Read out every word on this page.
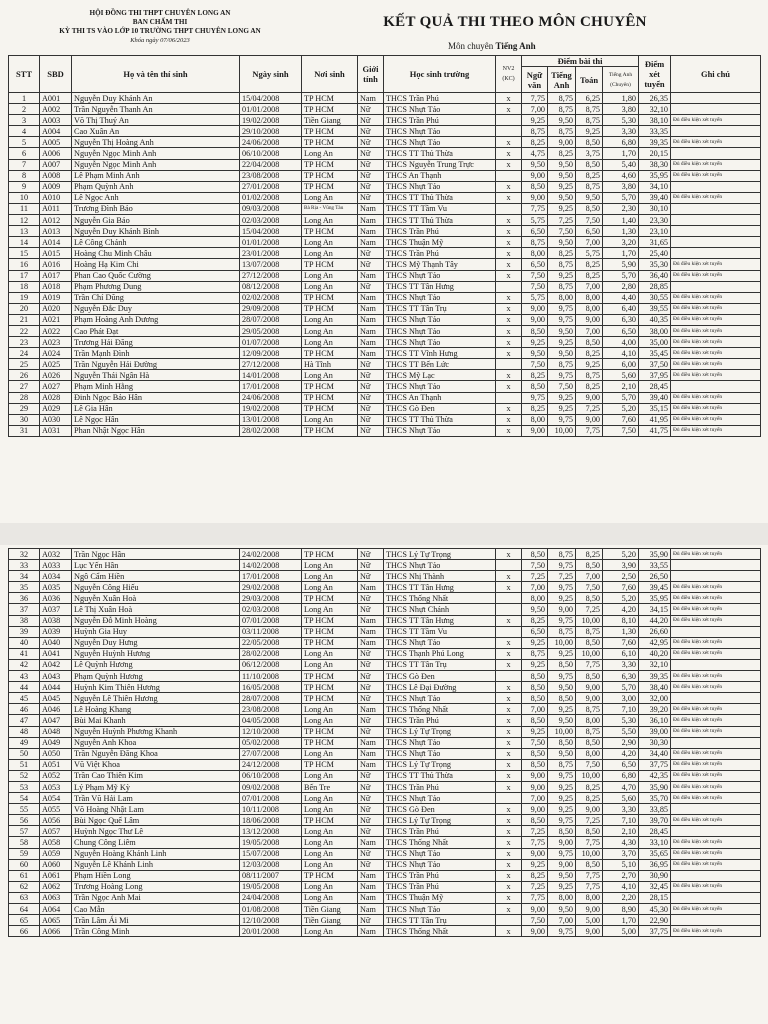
HỘI ĐỒNG THI THPT CHUYÊN LONG AN
BAN CHẤM THI
KỲ THI TS VÀO LỚP 10 TRƯỜNG THPT CHUYÊN LONG AN
Khóa ngày 07/06/2023
KẾT QUẢ THI THEO MÔN CHUYÊN
Môn chuyên Tiếng Anh
STT	SBD	Họ và tên thí sinh	Ngày sinh	Nơi sinh	Giới tính	Học sinh trường	NV2 (KC)	Điểm bài thi				Điểm xét tuyển	Ghi chú
								Ngữ văn	Tiếng Anh	Toán	Tiếng Anh (Chuyên)		
1	A001	Nguyễn Duy Khánh An	15/04/2008	TP HCM	Nam	THCS Trần Phú	x	7,75	8,75	6,25	1,80	26,35	
2	A002	Trần Nguyễn Thanh An	01/01/2008	TP HCM	Nữ	THCS Nhựt Tảo	x	7,00	8,75	8,75	3,80	32,10	
3	A003	Võ Thị Thuý An	19/02/2008	Tiền Giang	Nữ	THCS Trần Phú		9,25	9,50	8,75	5,30	38,10	Đủ điều kiện xét tuyển
4	A004	Cao Xuân An	29/10/2008	TP HCM	Nữ	THCS Nhựt Tảo		8,75	8,75	9,25	3,30	33,35	
5	A005	Nguyễn Thị Hoàng Anh	24/06/2008	TP HCM	Nữ	THCS Nhựt Tảo	x	8,25	9,00	8,50	6,80	39,35	Đủ điều kiện xét tuyển
6	A006	Nguyễn Ngọc Minh Anh	06/10/2008	Long An	Nữ	THCS TT Thủ Thừa	x	4,75	8,25	3,75	1,70	20,15	
7	A007	Nguyễn Ngọc Minh Anh	22/04/2008	TP HCM	Nữ	THCS Nguyễn Trung Trực	x	9,50	9,50	8,50	5,40	38,30	Đủ điều kiện xét tuyển
8	A008	Lê Phạm Minh Anh	23/08/2008	TP HCM	Nữ	THCS An Thạnh		9,00	9,50	8,25	4,60	35,95	Đủ điều kiện xét tuyển
9	A009	Phạm Quỳnh Anh	27/01/2008	TP HCM	Nữ	THCS Nhựt Tảo	x	8,50	9,25	8,75	3,80	34,10	
10	A010	Lê Ngọc Anh	01/02/2008	Long An	Nữ	THCS TT Thủ Thừa	x	9,00	9,50	9,50	5,70	39,40	Đủ điều kiện xét tuyển
11	A011	Trương Đình Bảo	09/03/2008	Bà Rịa - Vũng Tàu	Nam	THCS TT Tầm Vu		7,75	9,25	8,50	2,30	30,10	
12	A012	Nguyễn Gia Bảo	02/03/2008	Long An	Nam	THCS TT Thủ Thừa	x	5,75	7,25	7,50	1,40	23,30	
13	A013	Nguyễn Duy Khánh Bình	15/04/2008	TP HCM	Nam	THCS Trần Phú	x	6,50	7,50	6,50	1,30	23,10	
14	A014	Lê Công Chánh	01/01/2008	Long An	Nam	THCS Thuận Mỹ	x	8,75	9,50	7,00	3,20	31,65	
15	A015	Hoàng Chu Minh Châu	23/01/2008	Long An	Nữ	THCS Trần Phú	x	8,00	8,25	5,75	1,70	25,40	
16	A016	Hoàng Hạ Kim Chi	13/07/2008	TP HCM	Nữ	THCS Mỹ Thạnh Tây	x	6,50	8,75	8,25	5,90	35,30	Đủ điều kiện xét tuyển
17	A017	Phan Cao Quốc Cường	27/12/2008	Long An	Nam	THCS Nhựt Tảo	x	7,50	9,25	8,25	5,70	36,40	Đủ điều kiện xét tuyển
18	A018	Phạm Phương Dung	08/12/2008	Long An	Nữ	THCS TT Tân Hưng		7,50	8,75	7,00	2,80	28,85	
19	A019	Trần Chí Dũng	02/02/2008	TP HCM	Nam	THCS Nhựt Tảo	x	5,75	8,00	8,00	4,40	30,55	Đủ điều kiện xét tuyển
20	A020	Nguyễn Đắc Duy	29/09/2008	TP HCM	Nam	THCS TT Tân Trụ	x	9,00	9,75	8,00	6,40	39,55	Đủ điều kiện xét tuyển
21	A021	Phạm Hoàng Anh Dương	28/07/2008	Long An	Nam	THCS Nhựt Tảo	x	9,00	9,75	9,00	6,30	40,35	Đủ điều kiện xét tuyển
22	A022	Cao Phát Đạt	29/05/2008	Long An	Nam	THCS Nhựt Tảo	x	8,50	9,50	7,00	6,50	38,00	Đủ điều kiện xét tuyển
23	A023	Trương Hải Đăng	01/07/2008	Long An	Nam	THCS Nhựt Tảo	x	9,25	9,25	8,50	4,00	35,00	Đủ điều kiện xét tuyển
24	A024	Trần Mạnh Đình	12/09/2008	TP HCM	Nam	THCS TT Vĩnh Hưng	x	9,50	9,50	8,25	4,10	35,45	Đủ điều kiện xét tuyển
25	A025	Trần Nguyễn Hải Đường	27/12/2008	Hà Tĩnh	Nữ	THCS TT Bến Lức		7,50	8,75	9,25	6,00	37,50	Đủ điều kiện xét tuyển
26	A026	Nguyễn Thái Ngân Hà	14/01/2008	Long An	Nữ	THCS Mỹ Lạc	x	8,25	9,75	8,75	5,60	37,95	Đủ điều kiện xét tuyển
27	A027	Phạm Minh Hằng	17/01/2008	TP HCM	Nữ	THCS Nhựt Tảo	x	8,50	7,50	8,25	2,10	28,45	
28	A028	Đinh Ngọc Bảo Hân	24/06/2008	TP HCM	Nữ	THCS An Thạnh		9,75	9,25	9,00	5,70	39,40	Đủ điều kiện xét tuyển
29	A029	Lê Gia Hân	19/02/2008	TP HCM	Nữ	THCS Gò Đen	x	8,25	9,25	7,25	5,20	35,15	Đủ điều kiện xét tuyển
30	A030	Lê Ngọc Hân	13/01/2008	Long An	Nữ	THCS TT Thủ Thừa	x	8,00	9,75	9,00	7,60	41,95	Đủ điều kiện xét tuyển
31	A031	Phan Nhật Ngọc Hân	28/02/2008	TP HCM	Nữ	THCS Nhựt Tảo	x	9,00	10,00	7,75	7,50	41,75	Đủ điều kiện xét tuyển
32	A032	Trần Ngọc Hân	24/02/2008	TP HCM	Nữ	THCS Lý Tự Trọng	x	8,50	8,75	8,25	5,20	35,90	Đủ điều kiện xét tuyển
33	A033	Lục Yến Hân	14/02/2008	Long An	Nữ	THCS Nhựt Tảo		7,50	9,75	8,50	3,90	33,55	
34	A034	Ngô Cẩm Hiền	17/01/2008	Long An	Nữ	THCS Nhị Thành	x	7,25	7,25	7,00	2,50	26,50	
35	A035	Nguyễn Công Hiếu	29/02/2008	Long An	Nam	THCS TT Tân Hưng	x	7,00	9,75	7,50	7,60	39,45	Đủ điều kiện xét tuyển
36	A036	Nguyễn Xuân Hoà	29/03/2008	TP HCM	Nữ	THCS Thống Nhất		8,00	9,25	8,50	5,20	35,95	Đủ điều kiện xét tuyển
37	A037	Lê Thị Xuân Hoà	02/03/2008	Long An	Nữ	THCS Nhựt Chánh		9,50	9,00	7,25	4,20	34,15	Đủ điều kiện xét tuyển
38	A038	Nguyễn Đỗ Minh Hoàng	07/01/2008	TP HCM	Nam	THCS TT Tân Hưng	x	8,25	9,75	10,00	8,10	44,20	Đủ điều kiện xét tuyển
39	A039	Huỳnh Gia Huy	03/11/2008	TP HCM	Nam	THCS TT Tầm Vu		6,50	8,75	8,75	1,30	26,60	
40	A040	Nguyễn Duy Hưng	22/05/2008	TP HCM	Nam	THCS Nhựt Tảo	x	9,25	10,00	8,50	7,60	42,95	Đủ điều kiện xét tuyển
41	A041	Nguyễn Huỳnh Hương	28/02/2008	Long An	Nữ	THCS Thạnh Phú Long	x	8,75	9,25	10,00	6,10	40,20	Đủ điều kiện xét tuyển
42	A042	Lê Quỳnh Hương	06/12/2008	Long An	Nữ	THCS TT Tân Trụ	x	9,25	8,50	7,75	3,30	32,10	
43	A043	Phạm Quỳnh Hương	11/10/2008	TP HCM	Nữ	THCS Gò Đen		8,50	9,75	8,50	6,30	39,35	Đủ điều kiện xét tuyển
44	A044	Huỳnh Kim Thiên Hương	16/05/2008	TP HCM	Nữ	THCS Lê Đại Đường	x	8,50	9,50	9,00	5,70	38,40	Đủ điều kiện xét tuyển
45	A045	Nguyễn Lê Thiên Hương	28/07/2008	TP HCM	Nữ	THCS Nhựt Tảo	x	8,50	8,50	9,00	3,00	32,00	
46	A046	Lê Hoàng Khang	23/08/2008	Long An	Nam	THCS Thống Nhất	x	7,00	9,25	8,75	7,10	39,20	Đủ điều kiện xét tuyển
47	A047	Bùi Mai Khanh	04/05/2008	Long An	Nữ	THCS Trần Phú	x	8,50	9,50	8,00	5,30	36,10	Đủ điều kiện xét tuyển
48	A048	Nguyễn Huỳnh Phương Khanh	12/10/2008	TP HCM	Nữ	THCS Lý Tự Trọng	x	9,25	10,00	8,75	5,50	39,00	Đủ điều kiện xét tuyển
49	A049	Nguyễn Anh Khoa	05/02/2008	TP HCM	Nam	THCS Nhựt Tảo	x	7,50	8,50	8,50	2,90	30,30	
50	A050	Trần Nguyễn Đăng Khoa	27/07/2008	Long An	Nam	THCS Nhựt Tảo	x	8,50	9,50	8,00	4,20	34,40	Đủ điều kiện xét tuyển
51	A051	Vũ Việt Khoa	24/12/2008	TP HCM	Nam	THCS Lý Tự Trọng	x	8,50	8,75	7,50	6,50	37,75	Đủ điều kiện xét tuyển
52	A052	Trần Cao Thiên Kim	06/10/2008	Long An	Nữ	THCS TT Thủ Thừa	x	9,00	9,75	10,00	6,80	42,35	Đủ điều kiện xét tuyển
53	A053	Lý Phạm Mỹ Kỳ	09/02/2008	Bến Tre	Nữ	THCS Trần Phú	x	9,00	9,25	8,25	4,70	35,90	Đủ điều kiện xét tuyển
54	A054	Trần Vũ Hải Lam	07/01/2008	Long An	Nữ	THCS Nhựt Tảo		7,00	9,25	8,25	5,60	35,70	Đủ điều kiện xét tuyển
55	A055	Võ Hoàng Nhật Lam	10/11/2008	Long An	Nữ	THCS Gò Đen	x	9,00	9,25	9,00	3,30	33,85	
56	A056	Bùi Ngọc Quế Lâm	18/06/2008	TP HCM	Nữ	THCS Lý Tự Trọng	x	8,50	9,75	7,25	7,10	39,70	Đủ điều kiện xét tuyển
57	A057	Huỳnh Ngọc Thư Lê	13/12/2008	Long An	Nữ	THCS Trần Phú	x	7,25	8,50	8,50	2,10	28,45	
58	A058	Chung Công Liêm	19/05/2008	Long An	Nam	THCS Thống Nhất	x	7,75	9,00	7,75	4,30	33,10	Đủ điều kiện xét tuyển
59	A059	Nguyễn Hoàng Khánh Linh	15/07/2008	Long An	Nữ	THCS Nhựt Tảo	x	9,00	9,75	10,00	3,70	35,65	Đủ điều kiện xét tuyển
60	A060	Nguyễn Lê Khánh Linh	12/03/2008	Long An	Nữ	THCS Nhựt Tảo	x	9,25	9,00	8,50	5,10	36,95	Đủ điều kiện xét tuyển
61	A061	Phạm Hiền Long	08/11/2007	TP HCM	Nam	THCS Trần Phú	x	8,25	9,50	7,75	2,70	30,90	
62	A062	Trương Hoàng Long	19/05/2008	Long An	Nam	THCS Trần Phú	x	7,25	9,25	7,75	4,10	32,45	Đủ điều kiện xét tuyển
63	A063	Trần Ngọc Anh Mai	24/04/2008	Long An	Nam	THCS Thuận Mỹ	x	7,75	8,00	8,00	2,20	28,15	
64	A064	Cao Mẫn	01/08/2008	Tiền Giang	Nam	THCS Nhựt Tảo	x	9,00	9,50	9,00	8,90	45,30	Đủ điều kiện xét tuyển
65	A065	Trần Lâm Ái Mi	12/10/2008	Tiền Giang	Nữ	THCS TT Tân Trụ		7,50	7,00	5,00	1,70	22,90	
66	A066	Trần Công Minh	20/01/2008	Long An	Nam	THCS Thống Nhất	x	9,00	9,75	9,00	5,00	37,75	Đủ điều kiện xét tuyển
